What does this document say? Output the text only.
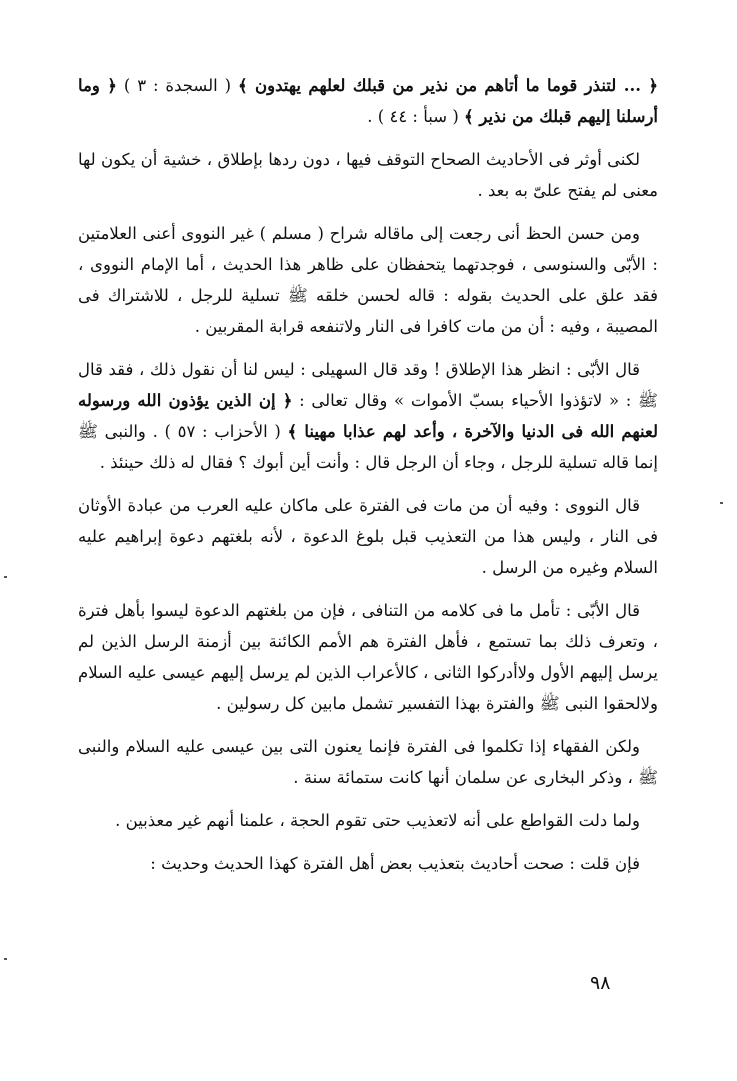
﴿ ... لتنذر قوما ما أتاهم من نذير من قبلك لعلهم يهتدون ﴾ ( السجدة : ٣ ) ﴿ وما أرسلنا إليهم قبلك من نذير ﴾ ( سبأ : ٤٤ ) .

لكنى أوثر فى الأحاديث الصحاح التوقف فيها ، دون ردها بإطلاق ، خشية أن يكون لها معنى لم يفتح علىّ به بعد .

ومن حسن الحظ أنى رجعت إلى ماقاله شراح ( مسلم ) غير النووى أعنى العلامتين : الأبّى والسنوسى ، فوجدتهما يتحفظان على ظاهر هذا الحديث ، أما الإمام النووى ، فقد علق على الحديث بقوله : قاله لحسن خلقه ﷺ تسلية للرجل ، للاشتراك فى المصيبة ، وفيه : أن من مات كافرا فى النار ولاتنفعه قرابة المقربين .

قال الأبّى : انظر هذا الإطلاق ! وقد قال السهيلى : ليس لنا أن نقول ذلك ، فقد قال ﷺ : « لاتؤذوا الأحياء بسبّ الأموات » وقال تعالى : ﴿ إن الذين يؤذون الله ورسوله لعنهم الله فى الدنيا والآخرة ، وأعد لهم عذابا مهينا ﴾ ( الأحزاب : ٥٧ ) . والنبى ﷺ إنما قاله تسلية للرجل ، وجاء أن الرجل قال : وأنت أين أبوك ؟ فقال له ذلك حينئذ .

قال النووى : وفيه أن من مات فى الفترة على ماكان عليه العرب من عبادة الأوثان فى النار ، وليس هذا من التعذيب قبل بلوغ الدعوة ، لأنه بلغتهم دعوة إبراهيم عليه السلام وغيره من الرسل .

قال الأبّى : تأمل ما فى كلامه من التنافى ، فإن من بلغتهم الدعوة ليسوا بأهل فترة ، وتعرف ذلك بما تستمع ، فأهل الفترة هم الأمم الكائنة بين أزمنة الرسل الذين لم يرسل إليهم الأول ولاأدركوا الثانى ، كالأعراب الذين لم يرسل إليهم عيسى عليه السلام ولالحقوا النبى ﷺ والفترة بهذا التفسير تشمل مابين كل رسولين .

ولكن الفقهاء إذا تكلموا فى الفترة فإنما يعنون التى بين عيسى عليه السلام والنبى ﷺ ، وذكر البخارى عن سلمان أنها كانت ستمائة سنة .

ولما دلت القواطع على أنه لاتعذيب حتى تقوم الحجة ، علمنا أنهم غير معذبين .

فإن قلت : صحت أحاديث بتعذيب بعض أهل الفترة كهذا الحديث وحديث :

٩٨
